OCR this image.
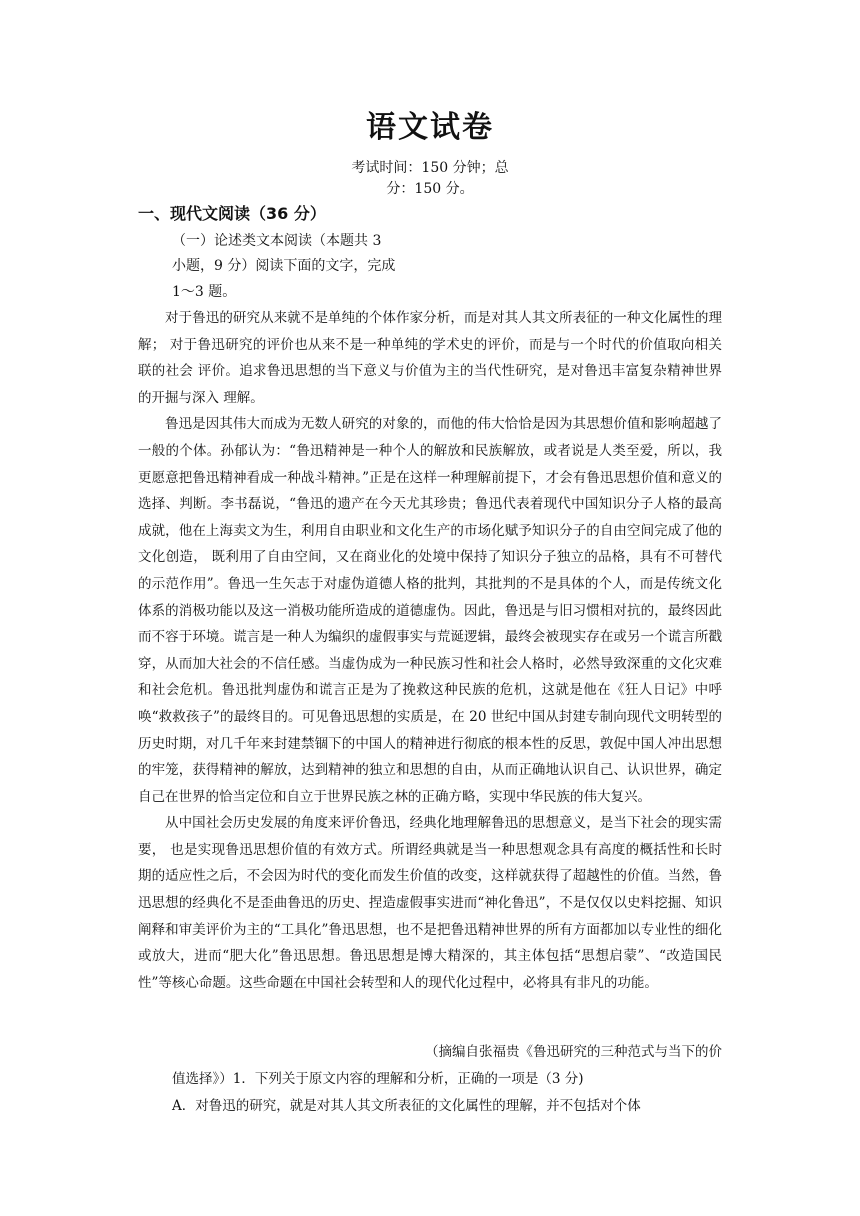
语文试卷
考试时间：150 分钟；总
分：150 分。
一、现代文阅读（36 分）
（一）论述类文本阅读（本题共 3
小题，9 分）阅读下面的文字，完成
1～3 题。

对于鲁迅的研究从来就不是单纯的个体作家分析，而是对其人其文所表征的一种文化属性的理解； 对于鲁迅研究的评价也从来不是一种单纯的学术史的评价，而是与一个时代的价值取向相关联的社会 评价。追求鲁迅思想的当下意义与价值为主的当代性研究，是对鲁迅丰富复杂精神世界的开掘与深入 理解。

鲁迅是因其伟大而成为无数人研究的对象的，而他的伟大恰恰是因为其思想价值和影响超越了一般的个体。孙郁认为：“鲁迅精神是一种个人的解放和民族解放，或者说是人类至爱，所以，我更愿意把鲁迅精神看成一种战斗精神。”正是在这样一种理解前提下，才会有鲁迅思想价值和意义的选择、判断。李书磊说，“鲁迅的遗产在今天尤其珍贵；鲁迅代表着现代中国知识分子人格的最高成就，他在上海卖文为生，利用自由职业和文化生产的市场化赋予知识分子的自由空间完成了他的文化创造， 既利用了自由空间，又在商业化的处境中保持了知识分子独立的品格，具有不可替代的示范作用”。鲁迅一生矢志于对虚伪道德人格的批判，其批判的不是具体的个人，而是传统文化体系的消极功能以及这一消极功能所造成的道德虚伪。因此，鲁迅是与旧习惯相对抗的，最终因此而不容于环境。谎言是一种人为编织的虚假事实与荒诞逻辑，最终会被现实存在或另一个谎言所戳穿，从而加大社会的不信任感。当虚伪成为一种民族习性和社会人格时，必然导致深重的文化灾难和社会危机。鲁迅批判虚伪和谎言正是为了挽救这种民族的危机，这就是他在《狂人日记》中呼唤“救救孩子”的最终目的。可见鲁迅思想的实质是，在 20 世纪中国从封建专制向现代文明转型的历史时期，对几千年来封建禁锢下的中国人的精神进行彻底的根本性的反思，敦促中国人冲出思想的牢笼，获得精神的解放，达到精神的独立和思想的自由，从而正确地认识自己、认识世界，确定自己在世界的恰当定位和自立于世界民族之林的正确方略，实现中华民族的伟大复兴。

从中国社会历史发展的角度来评价鲁迅，经典化地理解鲁迅的思想意义，是当下社会的现实需要， 也是实现鲁迅思想价值的有效方式。所谓经典就是当一种思想观念具有高度的概括性和长时期的适应性之后，不会因为时代的变化而发生价值的改变，这样就获得了超越性的价值。当然，鲁迅思想的经典化不是歪曲鲁迅的历史、捏造虚假事实进而“神化鲁迅”，不是仅仅以史料挖掘、知识阐释和审美评价为主的“工具化”鲁迅思想，也不是把鲁迅精神世界的所有方面都加以专业性的细化或放大，进而“肥大化”鲁迅思想。鲁迅思想是博大精深的，其主体包括“思想启蒙”、“改造国民性”等核心命题。这些命题在中国社会转型和人的现代化过程中，必将具有非凡的功能。

（摘编自张福贵《鲁迅研究的三种范式与当下的价
值选择》）1．下列关于原文内容的理解和分析，正确的一项是（3 分)
A．对鲁迅的研究，就是对其人其文所表征的文化属性的理解，并不包括对个体
